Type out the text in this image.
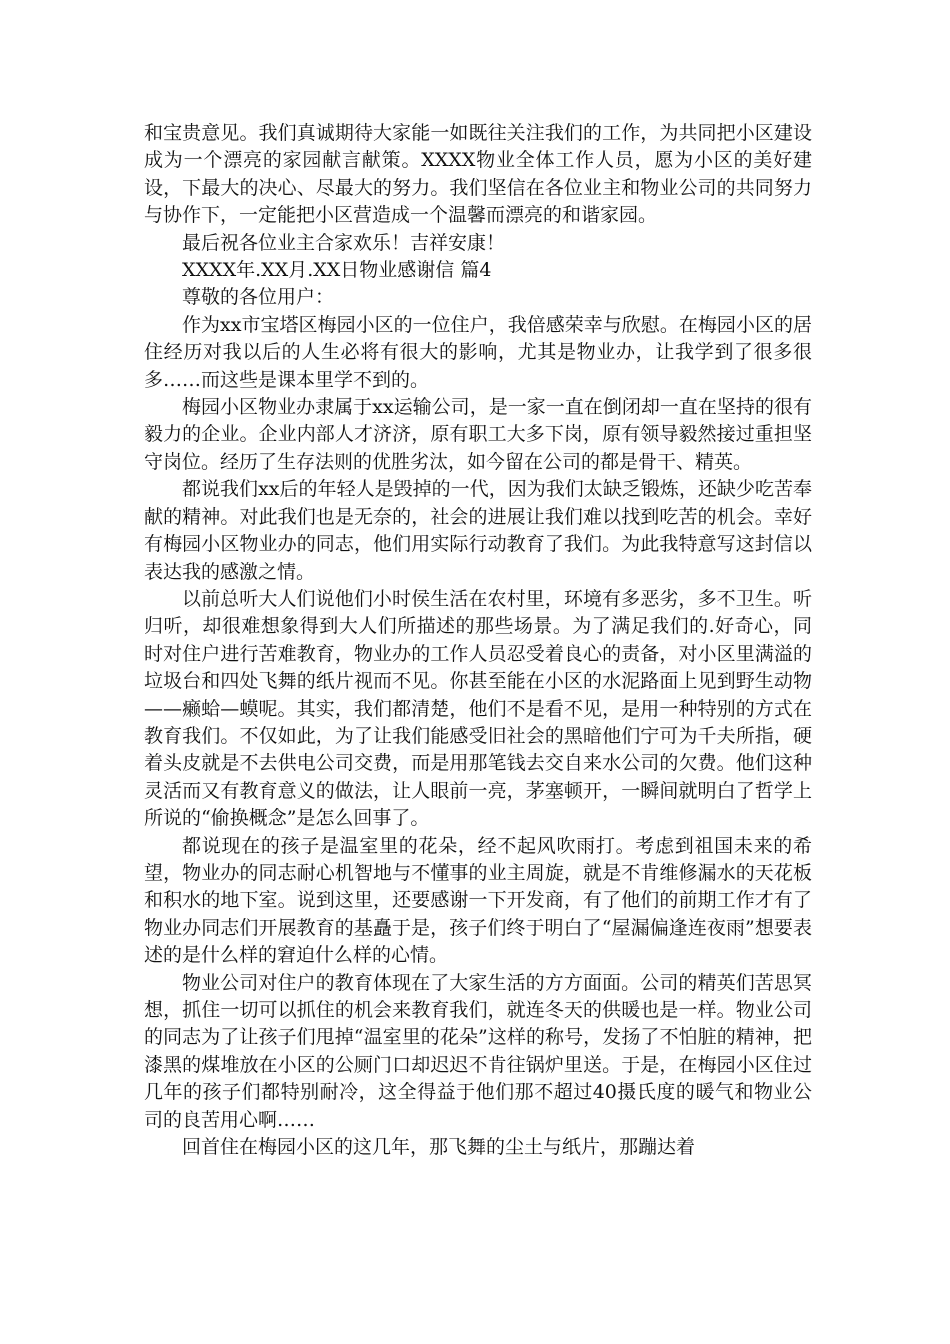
和宝贵意见。我们真诚期待大家能一如既往关注我们的工作，为共同把小区建设成为一个漂亮的家园献言献策。XXXX物业全体工作人员，愿为小区的美好建设，下最大的决心、尽最大的努力。我们坚信在各位业主和物业公司的共同努力与协作下，一定能把小区营造成一个温馨而漂亮的和谐家园。

最后祝各位业主合家欢乐！吉祥安康！

XXXX年.XX月.XX日物业感谢信 篇4

尊敬的各位用户：

作为xx市宝塔区梅园小区的一位住户，我倍感荣幸与欣慰。在梅园小区的居住经历对我以后的人生必将有很大的影响，尤其是物业办，让我学到了很多很多……而这些是课本里学不到的。

梅园小区物业办隶属于xx运输公司，是一家一直在倒闭却一直在坚持的很有毅力的企业。企业内部人才济济，原有职工大多下岗，原有领导毅然接过重担坚守岗位。经历了生存法则的优胜劣汰，如今留在公司的都是骨干、精英。

都说我们xx后的年轻人是毁掉的一代，因为我们太缺乏锻炼，还缺少吃苦奉献的精神。对此我们也是无奈的，社会的进展让我们难以找到吃苦的机会。幸好有梅园小区物业办的同志，他们用实际行动教育了我们。为此我特意写这封信以表达我的感激之情。

以前总听大人们说他们小时侯生活在农村里，环境有多恶劣，多不卫生。听归听，却很难想象得到大人们所描述的那些场景。为了满足我们的.好奇心，同时对住户进行苦难教育，物业办的工作人员忍受着良心的责备，对小区里满溢的垃圾台和四处飞舞的纸片视而不见。你甚至能在小区的水泥路面上见到野生动物——癞蛤—蟆呢。其实，我们都清楚，他们不是看不见，是用一种特别的方式在教育我们。不仅如此，为了让我们能感受旧社会的黑暗他们宁可为千夫所指，硬着头皮就是不去供电公司交费，而是用那笔钱去交自来水公司的欠费。他们这种灵活而又有教育意义的做法，让人眼前一亮，茅塞顿开，一瞬间就明白了哲学上所说的“偷换概念”是怎么回事了。

都说现在的孩子是温室里的花朵，经不起风吹雨打。考虑到祖国未来的希望，物业办的同志耐心机智地与不懂事的业主周旋，就是不肯维修漏水的天花板和积水的地下室。说到这里，还要感谢一下开发商，有了他们的前期工作才有了物业办同志们开展教育的基矗于是，孩子们终于明白了“屋漏偏逢连夜雨”想要表述的是什么样的窘迫什么样的心情。

物业公司对住户的教育体现在了大家生活的方方面面。公司的精英们苦思冥想，抓住一切可以抓住的机会来教育我们，就连冬天的供暖也是一样。物业公司的同志为了让孩子们甩掉“温室里的花朵”这样的称号，发扬了不怕脏的精神，把漆黑的煤堆放在小区的公厕门口却迟迟不肯往锅炉里送。于是，在梅园小区住过几年的孩子们都特别耐冷，这全得益于他们那不超过40摄氏度的暖气和物业公司的良苦用心啊……

回首住在梅园小区的这几年，那飞舞的尘土与纸片，那蹦达着
